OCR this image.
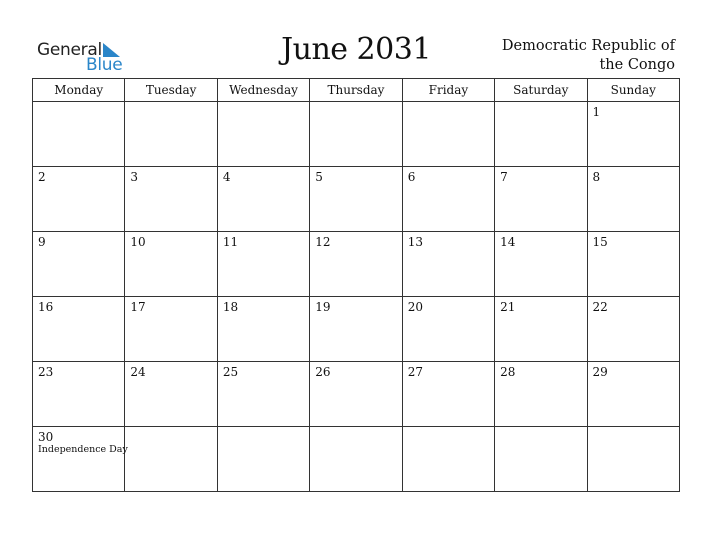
General
Blue	June 2031	Democratic Republic of the Congo
Monday	Tuesday	Wednesday	Thursday	Friday	Saturday	Sunday

						1

2	3	4	5	6	7	8

9	10	11	12	13	14	15

16	17	18	19	20	21	22

23	24	25	26	27	28	29

30
Independence Day						
